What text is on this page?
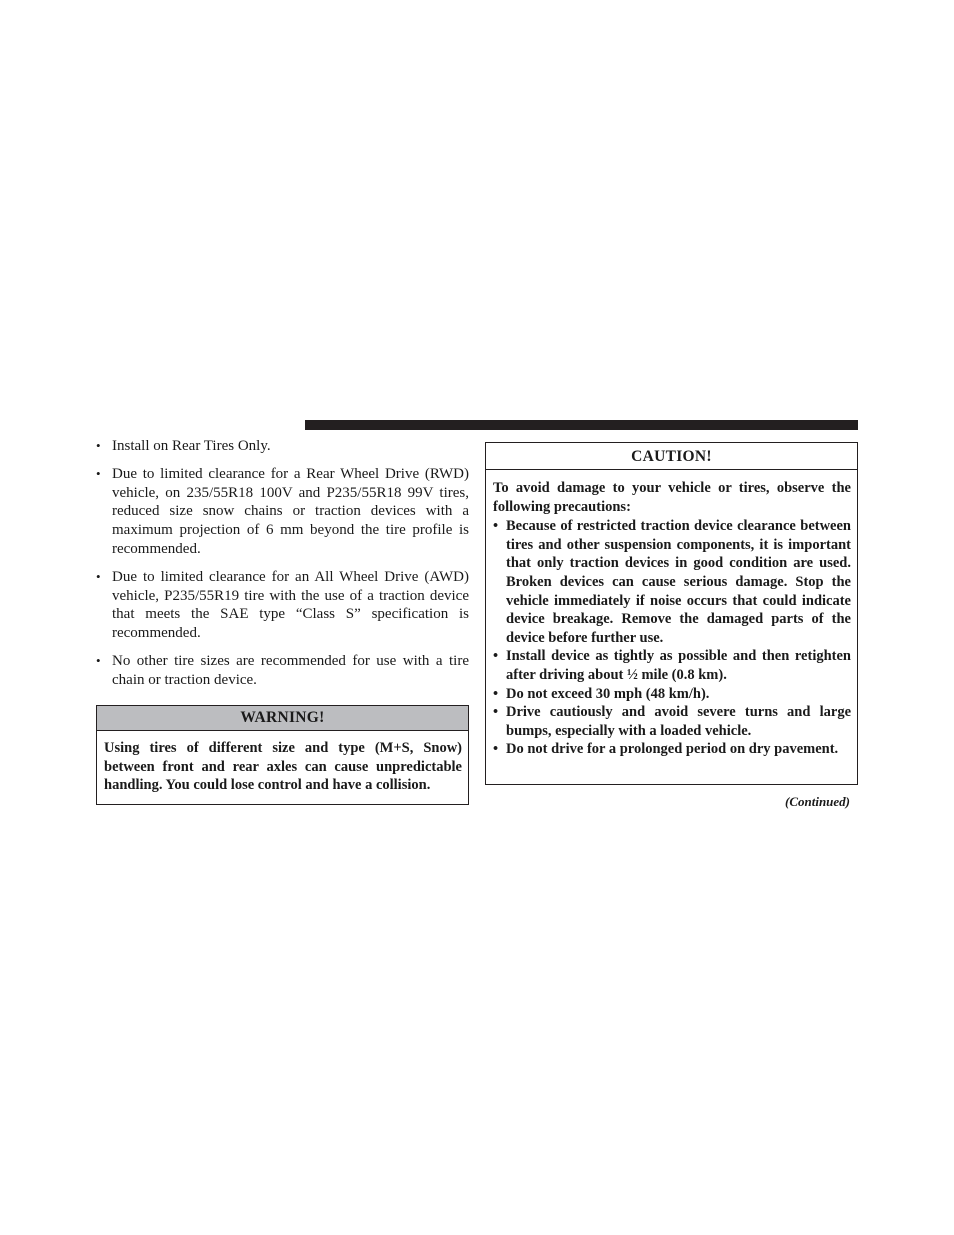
• Install on Rear Tires Only.
• Due to limited clearance for a Rear Wheel Drive (RWD) vehicle, on 235/55R18 100V and P235/55R18 99V tires, reduced size snow chains or traction devices with a maximum projection of 6 mm beyond the tire profile is recommended.
• Due to limited clearance for an All Wheel Drive (AWD) vehicle, P235/55R19 tire with the use of a traction device that meets the SAE type “Class S” specification is recommended.
• No other tire sizes are recommended for use with a tire chain or traction device.
WARNING!
Using tires of different size and type (M+S, Snow) between front and rear axles can cause unpredictable handling. You could lose control and have a collision.
CAUTION!

To avoid damage to your vehicle or tires, observe the following precautions:

• Because of restricted traction device clearance between tires and other suspension components, it is important that only traction devices in good condition are used. Broken devices can cause serious damage. Stop the vehicle immediately if noise occurs that could indicate device breakage. Remove the damaged parts of the device before further use.
• Install device as tightly as possible and then retighten after driving about ½ mile (0.8 km).
• Do not exceed 30 mph (48 km/h).
• Drive cautiously and avoid severe turns and large bumps, especially with a loaded vehicle.
• Do not drive for a prolonged period on dry pavement.
(Continued)
